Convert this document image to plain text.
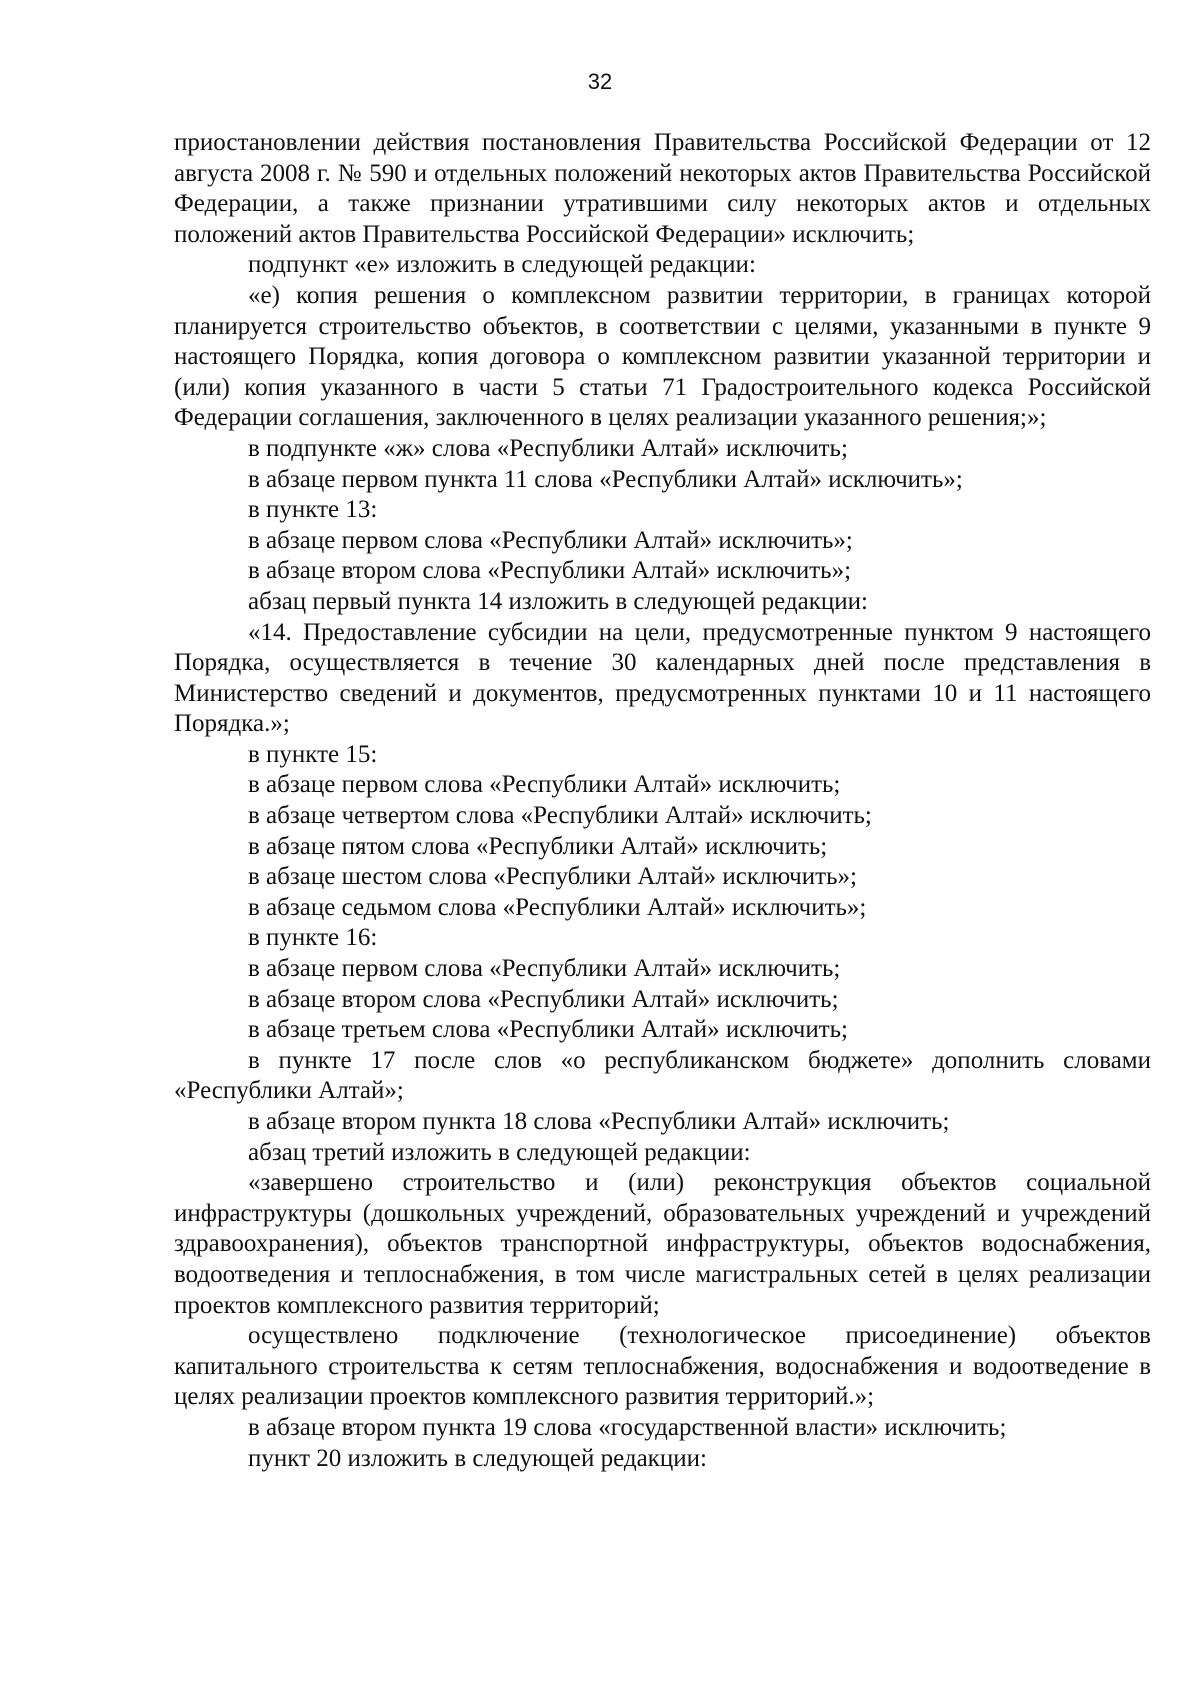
32

приостановлении действия постановления Правительства Российской Федерации от 12 августа 2008 г. № 590 и отдельных положений некоторых актов Правительства Российской Федерации, а также признании утратившими силу некоторых актов и отдельных положений актов Правительства Российской Федерации» исключить;

подпункт «е» изложить в следующей редакции:

«е) копия решения о комплексном развитии территории, в границах которой планируется строительство объектов, в соответствии с целями, указанными в пункте 9 настоящего Порядка, копия договора о комплексном развитии указанной территории и (или) копия указанного в части 5 статьи 71 Градостроительного кодекса Российской Федерации соглашения, заключенного в целях реализации указанного решения;»;

в подпункте «ж» слова «Республики Алтай» исключить;

в абзаце первом пункта 11 слова «Республики Алтай» исключить»;

в пункте 13:

в абзаце первом слова «Республики Алтай» исключить»;

в абзаце втором слова «Республики Алтай» исключить»;

абзац первый пункта 14 изложить в следующей редакции:

«14. Предоставление субсидии на цели, предусмотренные пунктом 9 настоящего Порядка, осуществляется в течение 30 календарных дней после представления в Министерство сведений и документов, предусмотренных пунктами 10 и 11 настоящего Порядка.»;

в пункте 15:

в абзаце первом слова «Республики Алтай» исключить;

в абзаце четвертом слова «Республики Алтай» исключить;

в абзаце пятом слова «Республики Алтай» исключить;

в абзаце шестом слова «Республики Алтай» исключить»;

в абзаце седьмом слова «Республики Алтай» исключить»;

в пункте 16:

в абзаце первом слова «Республики Алтай» исключить;

в абзаце втором слова «Республики Алтай» исключить;

в абзаце третьем слова «Республики Алтай» исключить;

в пункте 17 после слов «о республиканском бюджете» дополнить словами «Республики Алтай»;

в абзаце втором пункта 18 слова «Республики Алтай» исключить;

абзац третий изложить в следующей редакции:

«завершено строительство и (или) реконструкция объектов социальной инфраструктуры (дошкольных учреждений, образовательных учреждений и учреждений здравоохранения), объектов транспортной инфраструктуры, объектов водоснабжения, водоотведения и теплоснабжения, в том числе магистральных сетей в целях реализации проектов комплексного развития территорий;

осуществлено подключение (технологическое присоединение) объектов капитального строительства к сетям теплоснабжения, водоснабжения и водоотведение в целях реализации проектов комплексного развития территорий.»;

в абзаце втором пункта 19 слова «государственной власти» исключить;

пункт 20 изложить в следующей редакции:
